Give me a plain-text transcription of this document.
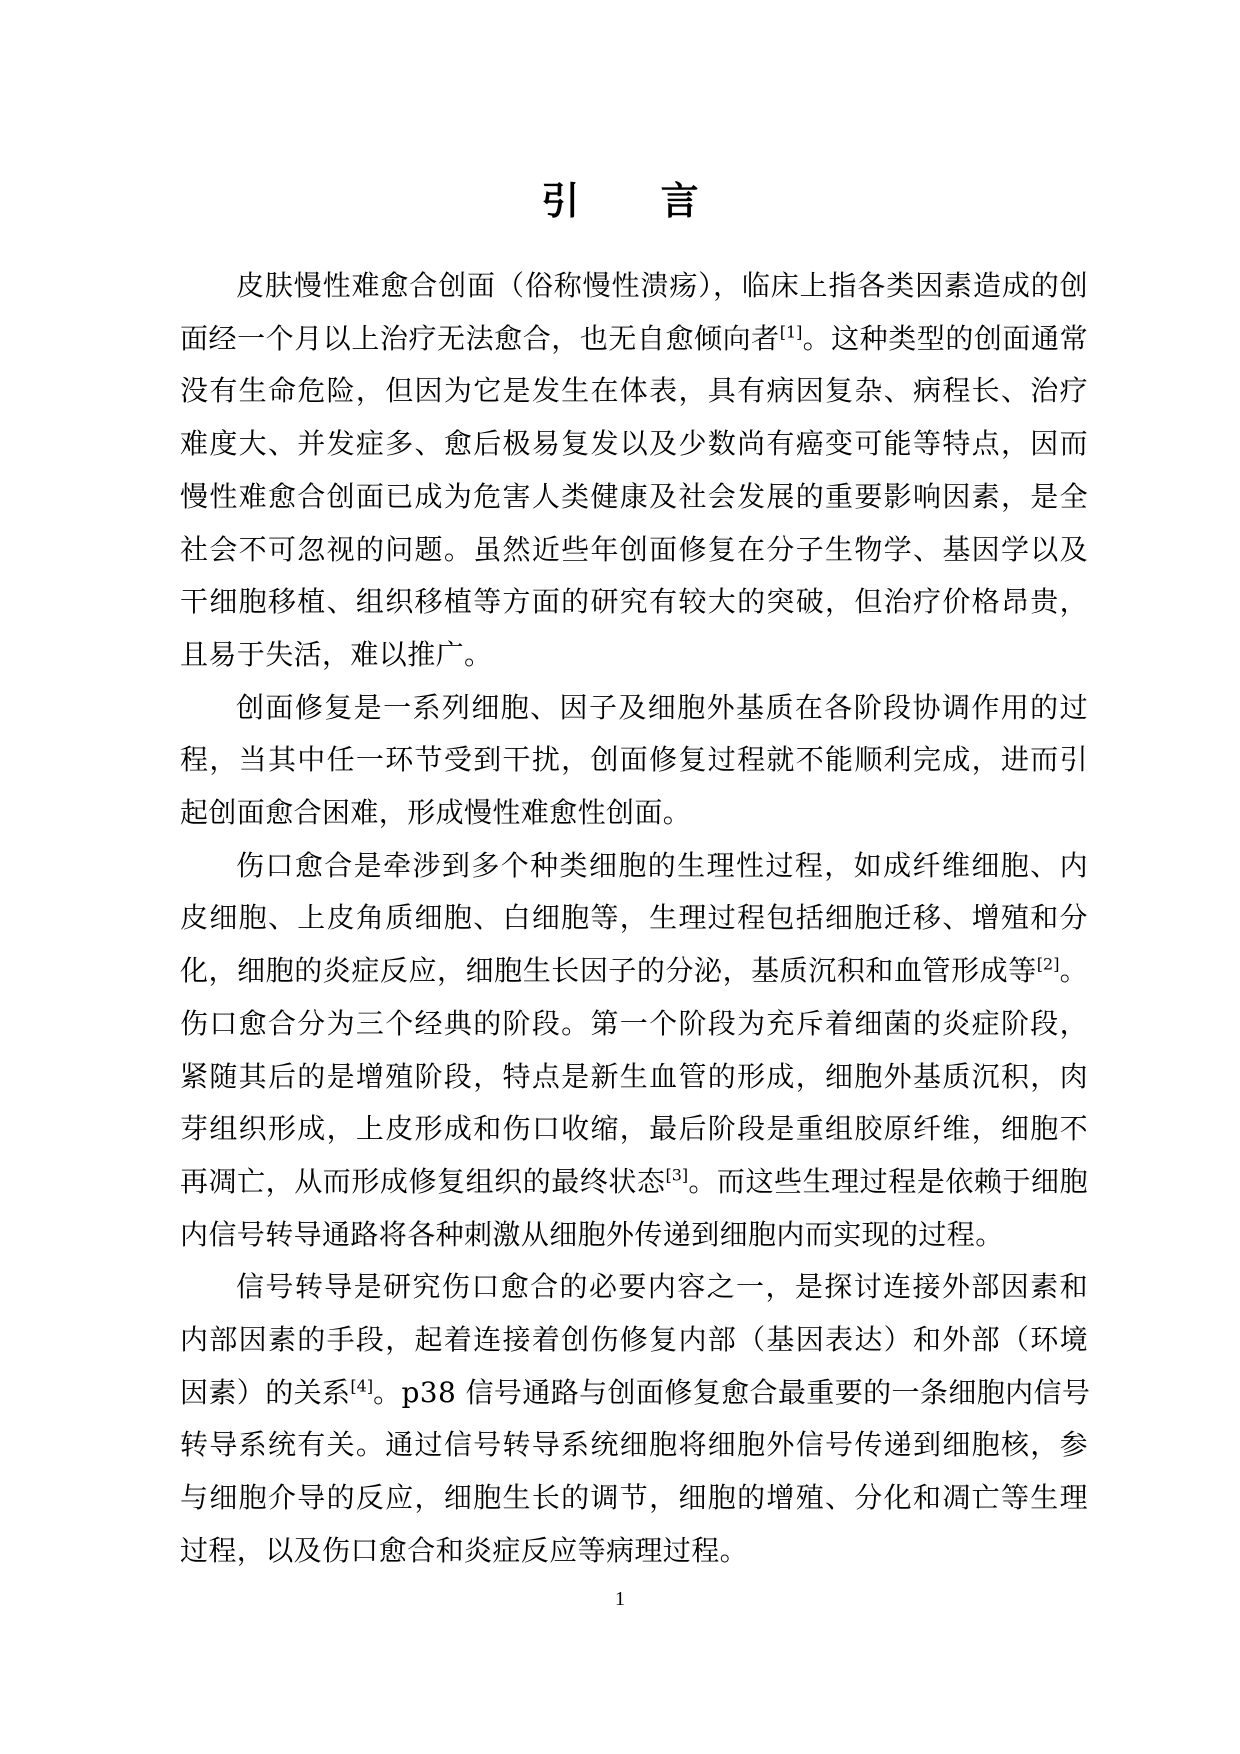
引 言
皮肤慢性难愈合创面（俗称慢性溃疡），临床上指各类因素造成的创
面经一个月以上治疗无法愈合，也无自愈倾向者[1]。这种类型的创面通常
没有生命危险，但因为它是发生在体表，具有病因复杂、病程长、治疗
难度大、并发症多、愈后极易复发以及少数尚有癌变可能等特点，因而
慢性难愈合创面已成为危害人类健康及社会发展的重要影响因素，是全
社会不可忽视的问题。虽然近些年创面修复在分子生物学、基因学以及
干细胞移植、组织移植等方面的研究有较大的突破，但治疗价格昂贵，
且易于失活，难以推广。
创面修复是一系列细胞、因子及细胞外基质在各阶段协调作用的过
程，当其中任一环节受到干扰，创面修复过程就不能顺利完成，进而引
起创面愈合困难，形成慢性难愈性创面。
伤口愈合是牵涉到多个种类细胞的生理性过程，如成纤维细胞、内
皮细胞、上皮角质细胞、白细胞等，生理过程包括细胞迁移、增殖和分
化，细胞的炎症反应，细胞生长因子的分泌，基质沉积和血管形成等[2]。
伤口愈合分为三个经典的阶段。第一个阶段为充斥着细菌的炎症阶段，
紧随其后的是增殖阶段，特点是新生血管的形成，细胞外基质沉积，肉
芽组织形成，上皮形成和伤口收缩，最后阶段是重组胶原纤维，细胞不
再凋亡，从而形成修复组织的最终状态[3]。而这些生理过程是依赖于细胞
内信号转导通路将各种刺激从细胞外传递到细胞内而实现的过程。
信号转导是研究伤口愈合的必要内容之一，是探讨连接外部因素和
内部因素的手段，起着连接着创伤修复内部（基因表达）和外部（环境
因素）的关系[4]。p38 信号通路与创面修复愈合最重要的一条细胞内信号
转导系统有关。通过信号转导系统细胞将细胞外信号传递到细胞核，参
与细胞介导的反应，细胞生长的调节，细胞的增殖、分化和凋亡等生理
过程，以及伤口愈合和炎症反应等病理过程。
1
